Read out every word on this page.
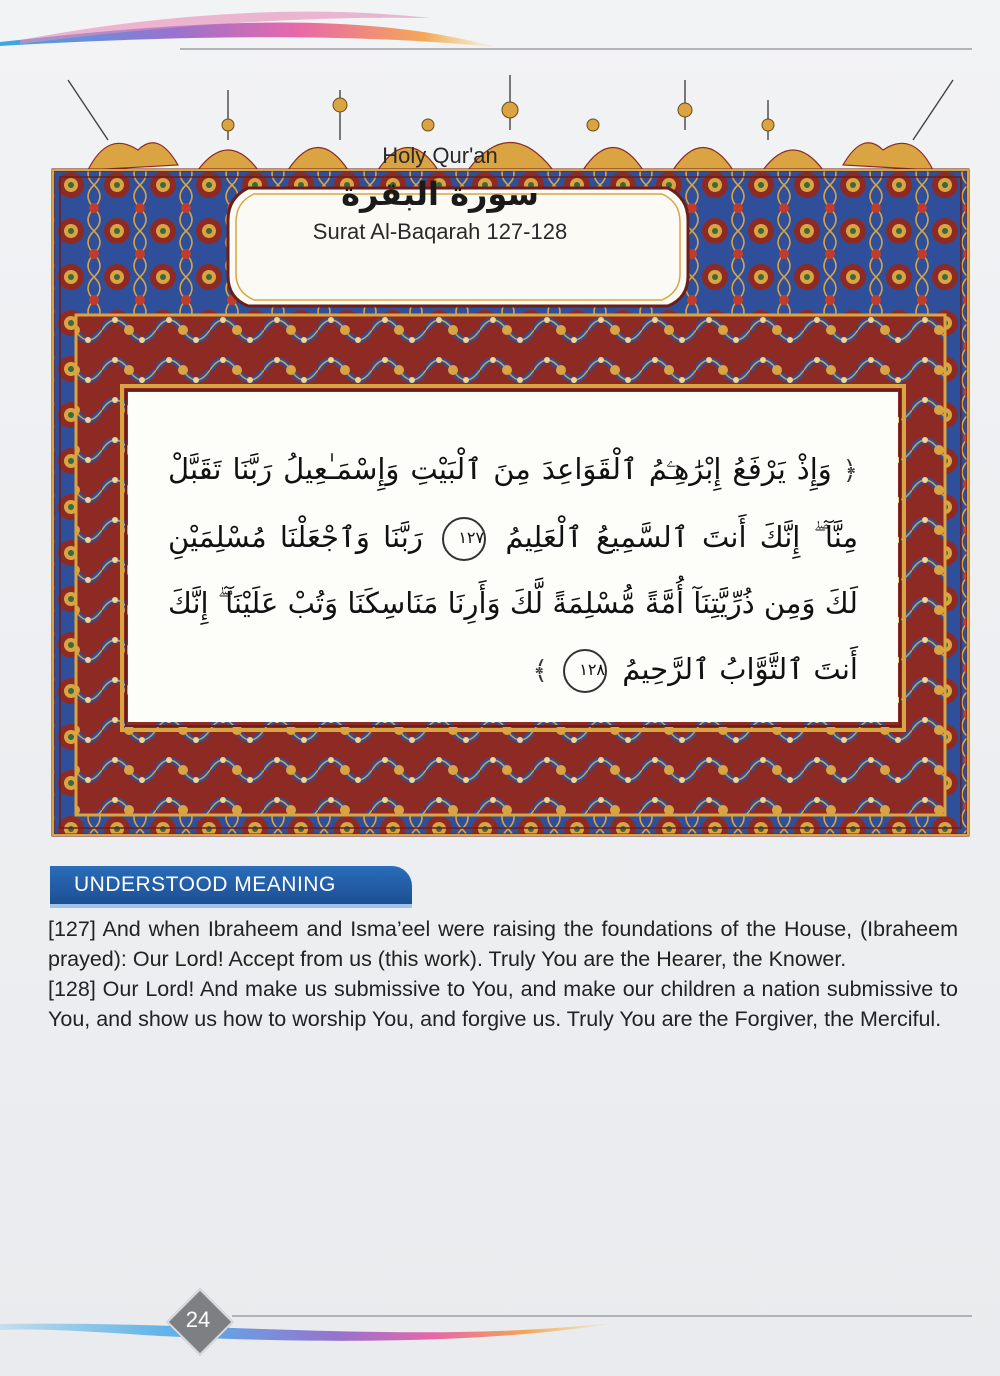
Holy Qur'an
سورة البقرة
Surat Al-Baqarah 127-128
﴿ وَإِذْ يَرْفَعُ إِبْرَٰهِـۧمُ ٱلْقَوَاعِدَ مِنَ ٱلْبَيْتِ وَإِسْمَـٰعِيلُ رَبَّنَا تَقَبَّلْ مِنَّآ ۖ إِنَّكَ أَنتَ ٱلسَّمِيعُ ٱلْعَلِيمُ ١٢٧ رَبَّنَا وَٱجْعَلْنَا مُسْلِمَيْنِ لَكَ وَمِن ذُرِّيَّتِنَآ أُمَّةً مُّسْلِمَةً لَّكَ وَأَرِنَا مَنَاسِكَنَا وَتُبْ عَلَيْنَآ ۖ إِنَّكَ أَنتَ ٱلتَّوَّابُ ٱلرَّحِيمُ ١٢٨ ﴾
UNDERSTOOD MEANING

[127] And when Ibraheem and Isma’eel were raising the foundations of the House, (Ibraheem prayed): Our Lord! Accept from us (this work). Truly You are the Hearer, the Knower.

[128] Our Lord! And make us submissive to You, and make our children a nation submissive to You, and show us how to worship You, and forgive us. Truly You are the Forgiver, the Merciful.

24
